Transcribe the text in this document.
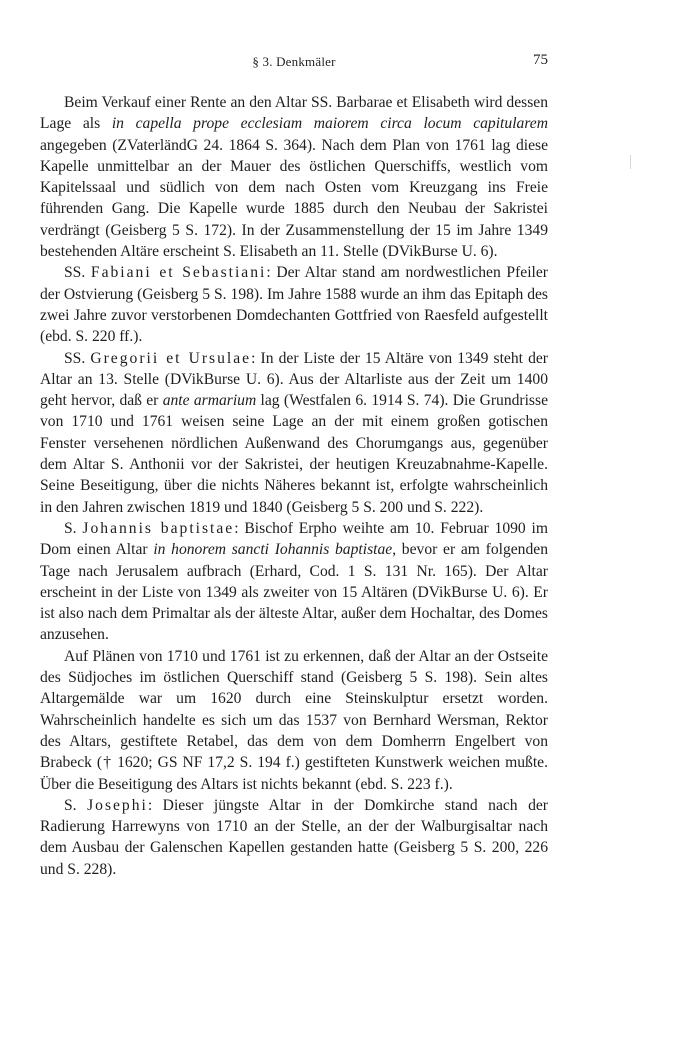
§ 3. Denkmäler	75

Beim Verkauf einer Rente an den Altar SS. Barbarae et Elisabeth wird dessen Lage als in capella prope ecclesiam maiorem circa locum capitularem angegeben (ZVaterländG 24. 1864 S. 364). Nach dem Plan von 1761 lag diese Kapelle unmittelbar an der Mauer des östlichen Querschiffs, westlich vom Kapitelssaal und südlich von dem nach Osten vom Kreuzgang ins Freie führenden Gang. Die Kapelle wurde 1885 durch den Neubau der Sakristei verdrängt (Geisberg 5 S. 172). In der Zusammenstellung der 15 im Jahre 1349 bestehenden Altäre erscheint S. Elisabeth an 11. Stelle (DVikBurse U. 6).

SS. Fabiani et Sebastiani: Der Altar stand am nordwestlichen Pfeiler der Ostvierung (Geisberg 5 S. 198). Im Jahre 1588 wurde an ihm das Epitaph des zwei Jahre zuvor verstorbenen Domdechanten Gottfried von Raesfeld aufgestellt (ebd. S. 220 ff.).

SS. Gregorii et Ursulae: In der Liste der 15 Altäre von 1349 steht der Altar an 13. Stelle (DVikBurse U. 6). Aus der Altarliste aus der Zeit um 1400 geht hervor, daß er ante armarium lag (Westfalen 6. 1914 S. 74). Die Grundrisse von 1710 und 1761 weisen seine Lage an der mit einem großen gotischen Fenster versehenen nördlichen Außenwand des Chorumgangs aus, gegenüber dem Altar S. Anthonii vor der Sakristei, der heutigen Kreuzabnahme-Kapelle. Seine Beseitigung, über die nichts Näheres bekannt ist, erfolgte wahrscheinlich in den Jahren zwischen 1819 und 1840 (Geisberg 5 S. 200 und S. 222).

S. Johannis baptistae: Bischof Erpho weihte am 10. Februar 1090 im Dom einen Altar in honorem sancti Iohannis baptistae, bevor er am folgenden Tage nach Jerusalem aufbrach (Erhard, Cod. 1 S. 131 Nr. 165). Der Altar erscheint in der Liste von 1349 als zweiter von 15 Altären (DVikBurse U. 6). Er ist also nach dem Primaltar als der älteste Altar, außer dem Hochaltar, des Domes anzusehen.

Auf Plänen von 1710 und 1761 ist zu erkennen, daß der Altar an der Ostseite des Südjoches im östlichen Querschiff stand (Geisberg 5 S. 198). Sein altes Altargemälde war um 1620 durch eine Steinskulptur ersetzt worden. Wahrscheinlich handelte es sich um das 1537 von Bernhard Wersman, Rektor des Altars, gestiftete Retabel, das dem von dem Domherrn Engelbert von Brabeck († 1620; GS NF 17,2 S. 194 f.) gestifteten Kunstwerk weichen mußte. Über die Beseitigung des Altars ist nichts bekannt (ebd. S. 223 f.).

S. Josephi: Dieser jüngste Altar in der Domkirche stand nach der Radierung Harrewyns von 1710 an der Stelle, an der der Walburgisaltar nach dem Ausbau der Galenschen Kapellen gestanden hatte (Geisberg 5 S. 200, 226 und S. 228).
